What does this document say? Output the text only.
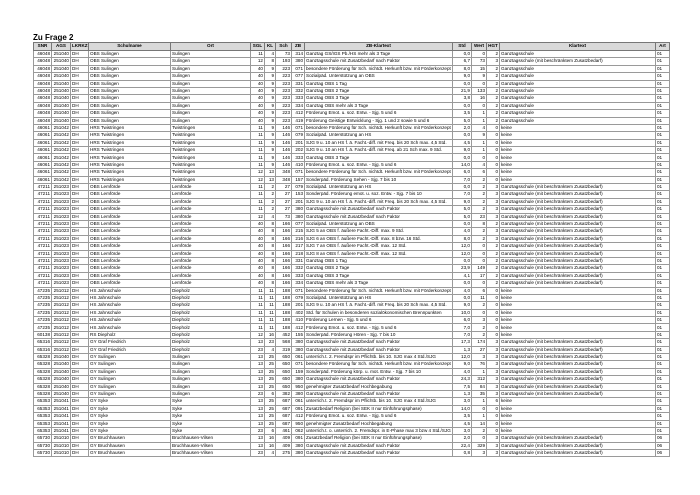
Zu Frage 2
SNR	AGS	LKRKZ	Schulname	Ort	SGL	KL	Sch	ZB	ZB-Klartext	Std	Wert	HGT	Klartext	Art
46048	251040	DH	OBS Sulingen	Sulingen	11	4	73	314	Ganztag GS/IGS Pb./HS mehr als 3 Tage	0,0	0	2	Ganztagsschule	01
46048	251040	DH	OBS Sulingen	Sulingen	12	8	193	380	Ganztagsschule mit Zusatzbedarf nach Faktor	6,7	73	3	Ganztagsschule (mit beschränktem Zusatzbedarf)	01
46048	251040	DH	OBS Sulingen	Sulingen	40	9	223	071	besondere Förderung für Sch. nichtdt. Herkunft bzw. mit Förderkonzept	8,0	15	2	Ganztagsschule	01
46048	251040	DH	OBS Sulingen	Sulingen	40	9	223	077	Sozialpäd. Unterstützung an OBS	9,0	9	2	Ganztagsschule	01
46048	251040	DH	OBS Sulingen	Sulingen	40	9	223	331	Ganztag OBS 1 Tag	0,0	0	2	Ganztagsschule	01
46048	251040	DH	OBS Sulingen	Sulingen	40	9	223	332	Ganztag OBS 2 Tage	21,9	133	2	Ganztagsschule	01
46048	251040	DH	OBS Sulingen	Sulingen	40	9	223	333	Ganztag OBS 3 Tage	3,8	16	2	Ganztagsschule	01
46048	251040	DH	OBS Sulingen	Sulingen	40	9	223	334	Ganztag OBS mehr als 3 Tage	0,0	0	2	Ganztagsschule	01
46048	251040	DH	OBS Sulingen	Sulingen	40	9	223	412	Förderung Emot. u. soz. Entw. - Sjg. 5 und 6	3,5	1	2	Ganztagsschule	01
46048	251040	DH	OBS Sulingen	Sulingen	40	9	223	419	Förderung Geistige Entwicklung - Sjg. 1 und 2 sowie 5 und 6	5,0	1	2	Ganztagsschule	01
46061	251042	DH	HRS Twistringen	Twistringen	11	9	146	071	besondere Förderung für Sch. nichtdt. Herkunft bzw. mit Förderkonzept	2,0	4	0	keine	01
46061	251042	DH	HRS Twistringen	Twistringen	11	9	146	079	Sozialpäd. Unterstützung an HS	0,0	9	0	keine	01
46061	251042	DH	HRS Twistringen	Twistringen	11	9	146	201	SJG 9 u. 10 an HS f. ä. Facht.-diff. mit Freq. bis 20 Sch max. 4,5 Std.	4,5	1	0	keine	01
46061	251042	DH	HRS Twistringen	Twistringen	11	9	146	202	SJG 9 u. 10 an HS f. ä. Facht.-diff. mit Freq. ab 21 Sch max. 9 Std.	9,0	1	0	keine	01
46061	251042	DH	HRS Twistringen	Twistringen	11	9	146	333	Ganztag OBS 3 Tage	0,0	0	0	keine	01
46061	251042	DH	HRS Twistringen	Twistringen	11	9	146	410	Förderung Emot. u. soz. Entw. - Sjg. 5 und 6	14,0	4	0	keine	01
46061	251042	DH	HRS Twistringen	Twistringen	12	13	348	071	besondere Förderung für Sch. nichtdt. Herkunft bzw. mit Förderkonzept	6,0	6	0	keine	01
46061	251042	DH	HRS Twistringen	Twistringen	12	13	348	157	Sonderpäd. Förderung Sehen - Sjg. 7 bis 10	7,0	2	0	keine	01
47211	251023	DH	OBS Lemförde	Lemförde	11	2	27	079	Sozialpäd. Unterstützung an HS	0,0	2	3	Ganztagsschule (mit beschränktem Zusatzbedarf)	01
47211	251023	DH	OBS Lemförde	Lemförde	11	2	27	153	Sonderpäd. Förderung emot. u. soz. Entw. - Sjg. 7 bis 10	7,0	2	3	Ganztagsschule (mit beschränktem Zusatzbedarf)	01
47211	251023	DH	OBS Lemförde	Lemförde	11	2	27	201	SJG 9 u. 10 an HS f. ä. Facht.-diff. mit Freq. bis 20 Sch max. 4,5 Std.	9,0	2	3	Ganztagsschule (mit beschränktem Zusatzbedarf)	01
47211	251023	DH	OBS Lemförde	Lemförde	11	2	27	380	Ganztagsschule mit Zusatzbedarf nach Faktor	5,0	2	3	Ganztagsschule (mit beschränktem Zusatzbedarf)	01
47211	251023	DH	OBS Lemförde	Lemförde	12	4	73	380	Ganztagsschule mit Zusatzbedarf nach Faktor	5,0	23	3	Ganztagsschule (mit beschränktem Zusatzbedarf)	01
47211	251023	DH	OBS Lemförde	Lemförde	40	8	166	077	Sozialpäd. Unterstützung an OBS	0,0	8	2	Ganztagsschule (mit beschränktem Zusatzbedarf)	01
47211	251023	DH	OBS Lemförde	Lemförde	40	8	166	215	SJG 5 an OBS f. äußere Facht.-Diff. max. 9 Std.	4,0	2	3	Ganztagsschule (mit beschränktem Zusatzbedarf)	01
47211	251023	DH	OBS Lemförde	Lemförde	40	8	166	216	SJG 6 an OBS f. äußere Facht.-Diff. max. 8 bzw. 16 Std.	8,0	2	3	Ganztagsschule (mit beschränktem Zusatzbedarf)	01
47211	251023	DH	OBS Lemförde	Lemförde	40	8	166	217	SJG 7 an OBS f. äußere Facht.-Diff. max. 12 Std.	12,0	0	2	Ganztagsschule (mit beschränktem Zusatzbedarf)	01
47211	251023	DH	OBS Lemförde	Lemförde	40	8	166	218	SJG 8 an OBS f. äußere Facht.-Diff. max. 12 Std.	12,0	0	2	Ganztagsschule (mit beschränktem Zusatzbedarf)	01
47211	251023	DH	OBS Lemförde	Lemförde	40	8	166	331	Ganztag OBS 1 Tag	0,0	0	2	Ganztagsschule (mit beschränktem Zusatzbedarf)	01
47211	251023	DH	OBS Lemförde	Lemförde	40	8	166	332	Ganztag OBS 2 Tage	23,9	149	2	Ganztagsschule (mit beschränktem Zusatzbedarf)	01
47211	251023	DH	OBS Lemförde	Lemförde	40	8	166	333	Ganztag OBS 3 Tage	4,1	17	2	Ganztagsschule (mit beschränktem Zusatzbedarf)	01
47211	251023	DH	OBS Lemförde	Lemförde	40	8	166	334	Ganztag OBS mehr als 3 Tage	0,0	0	2	Ganztagsschule (mit beschränktem Zusatzbedarf)	01
47235	251012	DH	HS Jahnschule	Diepholz	11	11	188	071	besondere Förderung für Sch. nichtdt. Herkunft bzw. mit Förderkonzept	4,0	6	0	keine	01
47235	251012	DH	HS Jahnschule	Diepholz	11	11	188	079	Sozialpäd. Unterstützung an HS	0,0	11	0	keine	01
47235	251012	DH	HS Jahnschule	Diepholz	11	11	188	201	SJG 9 u. 10 an HS f. ä. Facht.-diff. mit Freq. bis 20 Sch max. 4,5 Std.	9,0	2	0	keine	01
47235	251012	DH	HS Jahnschule	Diepholz	11	11	188	402	Std. für Schulen in besonderen sozialökonomischen Brennpunkten	10,0	0	0	keine	01
47235	251012	DH	HS Jahnschule	Diepholz	11	11	188	410	Förderung Lernen - Sjg. 5 und 6	6,0	3	0	keine	01
47235	251012	DH	HS Jahnschule	Diepholz	11	11	188	412	Förderung Emot. u. soz. Entw. - Sjg. 5 und 6	7,0	2	0	keine	01
60138	251012	DH	RS Diepholz	Diepholz	12	16	452	155	Sonderpäd. Förderung Hören - Sjg. 7 bis 10	7,0	2	0	keine	01
65316	251012	DH	GY Graf Friedrich	Diepholz	13	23	568	380	Ganztagsschule mit Zusatzbedarf nach Faktor	17,3	174	3	Ganztagsschule (mit beschränktem Zusatzbedarf)	01
65316	251012	DH	GY Graf Friedrich	Diepholz	23	4	319	380	Ganztagsschule mit Zusatzbedarf nach Faktor	1,3	27	3	Ganztagsschule (mit beschränktem Zusatzbedarf)	01
65328	251040	DH	GY Sulingen	Sulingen	13	25	650	061	unterrich.t. 2. Fremdspr im Pflichtb. bis 10. SJG max 4 Std./SJG	12,0	3	3	Ganztagsschule (mit beschränktem Zusatzbedarf)	01
65328	251040	DH	GY Sulingen	Sulingen	13	25	650	071	besondere Förderung für Sch. nichtdt. Herkunft bzw. mit Förderkonzept	9,0	76	3	Ganztagsschule (mit beschränktem Zusatzbedarf)	01
65328	251040	DH	GY Sulingen	Sulingen	13	25	650	159	Sonderpäd. Förderung körp. u. mot. Entw. - Sjg. 7 bis 10	4,0	1	3	Ganztagsschule (mit beschränktem Zusatzbedarf)	01
65328	251040	DH	GY Sulingen	Sulingen	13	25	650	380	Ganztagsschule mit Zusatzbedarf nach Faktor	24,3	312	3	Ganztagsschule (mit beschränktem Zusatzbedarf)	01
65328	251040	DH	GY Sulingen	Sulingen	13	25	650	950	genehmigter Zusatzbedarf Hochbegabung	7,5	84	3	Ganztagsschule (mit beschränktem Zusatzbedarf)	01
65328	251040	DH	GY Sulingen	Sulingen	23	6	382	380	Ganztagsschule mit Zusatzbedarf nach Faktor	1,3	35	3	Ganztagsschule (mit beschränktem Zusatzbedarf)	01
65353	251041	DH	GY Syke	Syke	13	25	687	061	unterrich.t. 2. Fremdspr im Pflichtb. bis 10. SJG max 4 Std./SJG	3,0	1	6	keine	01
65353	251041	DH	GY Syke	Syke	13	25	687	091	Zusatzbedarf Religion (bei SEK II nur Einführungsphase)	14,0	0	0	keine	01
65353	251041	DH	GY Syke	Syke	13	25	687	412	Förderung Emot. u. soz. Entw. - Sjg. 5 und 6	3,5	1	0	keine	01
65353	251041	DH	GY Syke	Syke	13	25	687	950	genehmigter Zusatzbedarf Hochbegabung	4,5	14	0	keine	01
65353	251041	DH	GY Syke	Syke	23	6	461	062	unterrich.t. o. unterrich. 2. Fremdspr. in E-Phase max 3 bzw 4 Std./SJG	3,0	2	0	keine	01
65730	251010	DH	GY Bruchhausen	Bruchhausen-Vilsen	13	16	409	091	Zusatzbedarf Religion (bei SEK II nur Einführungsphase)	2,0	0	3	Ganztagsschule (mit beschränktem Zusatzbedarf)	06
65730	251010	DH	GY Bruchhausen	Bruchhausen-Vilsen	13	16	409	380	Ganztagsschule mit Zusatzbedarf nach Faktor	22,4	329	3	Ganztagsschule (mit beschränktem Zusatzbedarf)	06
65730	251010	DH	GY Bruchhausen	Bruchhausen-Vilsen	23	4	275	380	Ganztagsschule mit Zusatzbedarf nach Faktor	0,8	3	3	Ganztagsschule (mit beschränktem Zusatzbedarf)	06
